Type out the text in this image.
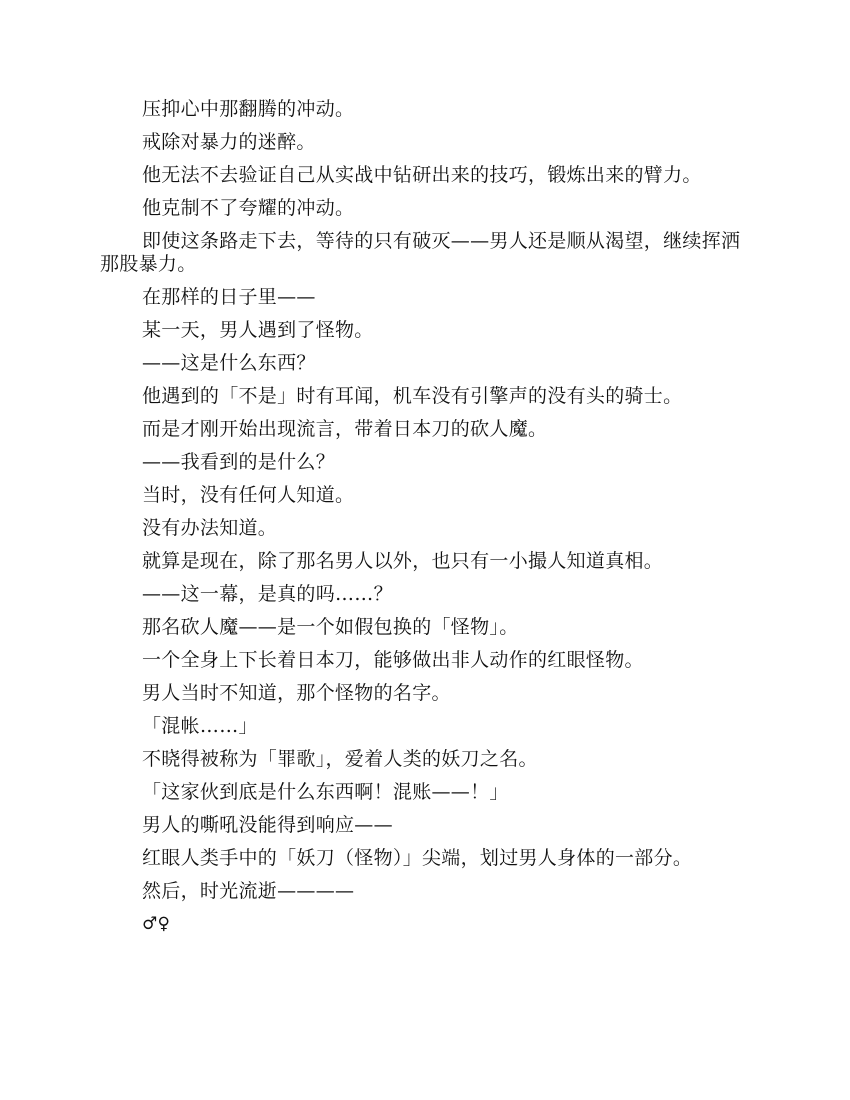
压抑心中那翻腾的冲动。

戒除对暴力的迷醉。

他无法不去验证自己从实战中钻研出来的技巧，锻炼出来的臂力。

他克制不了夸耀的冲动。

即使这条路走下去，等待的只有破灭——男人还是顺从渴望，继续挥洒那股暴力。

在那样的日子里——

某一天，男人遇到了怪物。

——这是什么东西？

他遇到的「不是」时有耳闻，机车没有引擎声的没有头的骑士。

而是才刚开始出现流言，带着日本刀的砍人魔。

——我看到的是什么？

当时，没有任何人知道。

没有办法知道。

就算是现在，除了那名男人以外，也只有一小撮人知道真相。

——这一幕，是真的吗……？

那名砍人魔——是一个如假包换的「怪物」。

一个全身上下长着日本刀，能够做出非人动作的红眼怪物。

男人当时不知道，那个怪物的名字。

「混帐……」

不晓得被称为「罪歌」，爱着人类的妖刀之名。

「这家伙到底是什么东西啊！混账——！」

男人的嘶吼没能得到响应——

红眼人类手中的「妖刀（怪物）」尖端，划过男人身体的一部分。

然后，时光流逝————

♂♀
